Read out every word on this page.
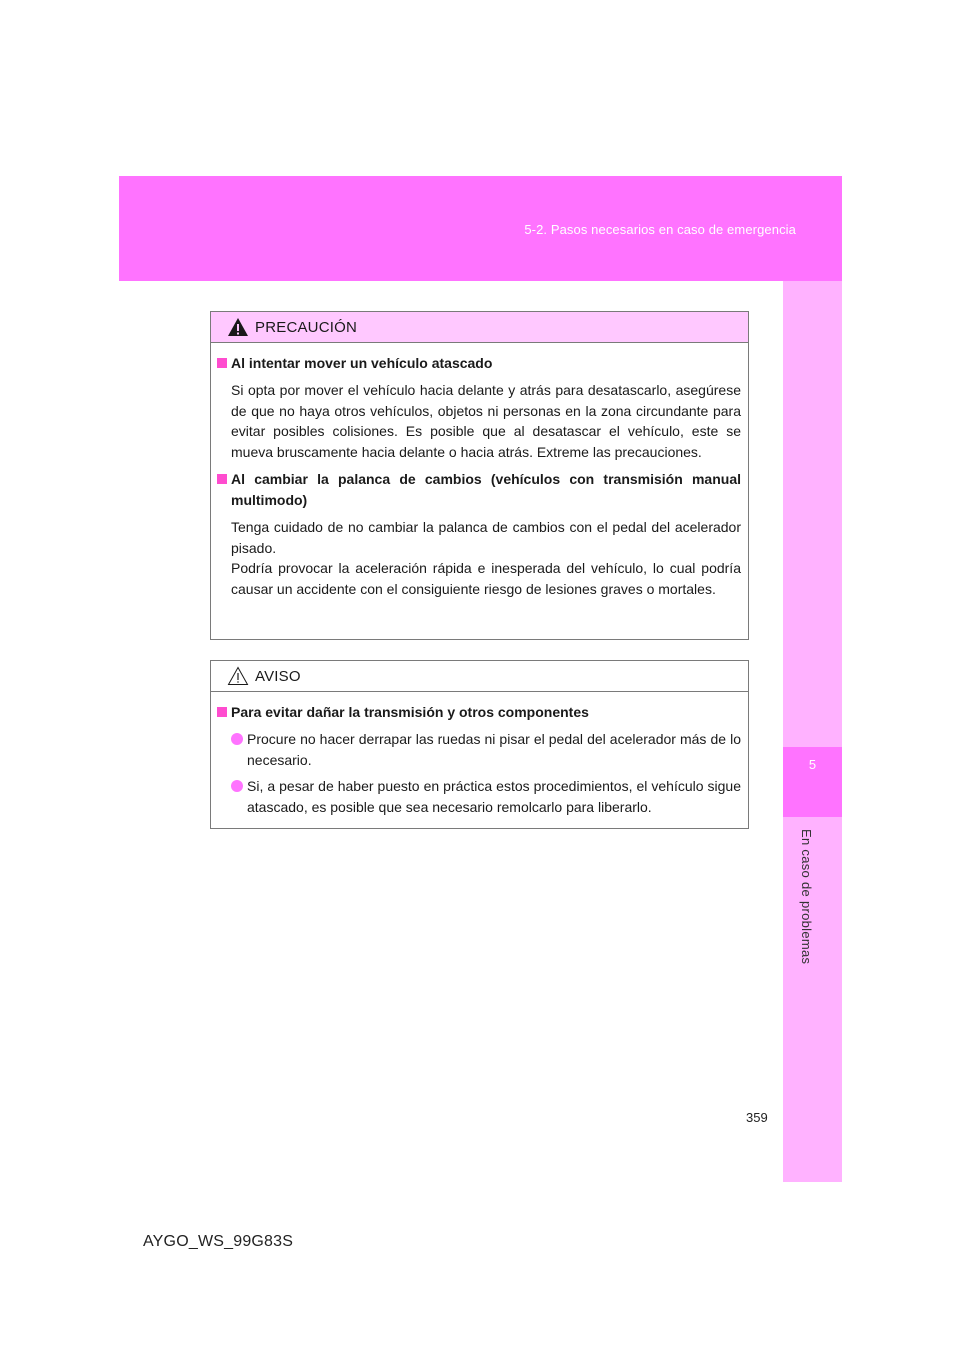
5-2. Pasos necesarios en caso de emergencia
5
En caso de problemas
PRECAUCIÓN
Al intentar mover un vehículo atascado
Si opta por mover el vehículo hacia delante y atrás para desatascarlo, asegúrese de que no haya otros vehículos, objetos ni personas en la zona circundante para evitar posibles colisiones. Es posible que al desatascar el vehículo, este se mueva bruscamente hacia delante o hacia atrás. Extreme las precauciones.
Al cambiar la palanca de cambios (vehículos con transmisión manual multimodo)
Tenga cuidado de no cambiar la palanca de cambios con el pedal del acelerador pisado.
Podría provocar la aceleración rápida e inesperada del vehículo, lo cual podría causar un accidente con el consiguiente riesgo de lesiones graves o mortales.
AVISO
Para evitar dañar la transmisión y otros componentes
Procure no hacer derrapar las ruedas ni pisar el pedal del acelerador más de lo necesario.
Si, a pesar de haber puesto en práctica estos procedimientos, el vehículo sigue atascado, es posible que sea necesario remolcarlo para liberarlo.
359
AYGO_WS_99G83S
